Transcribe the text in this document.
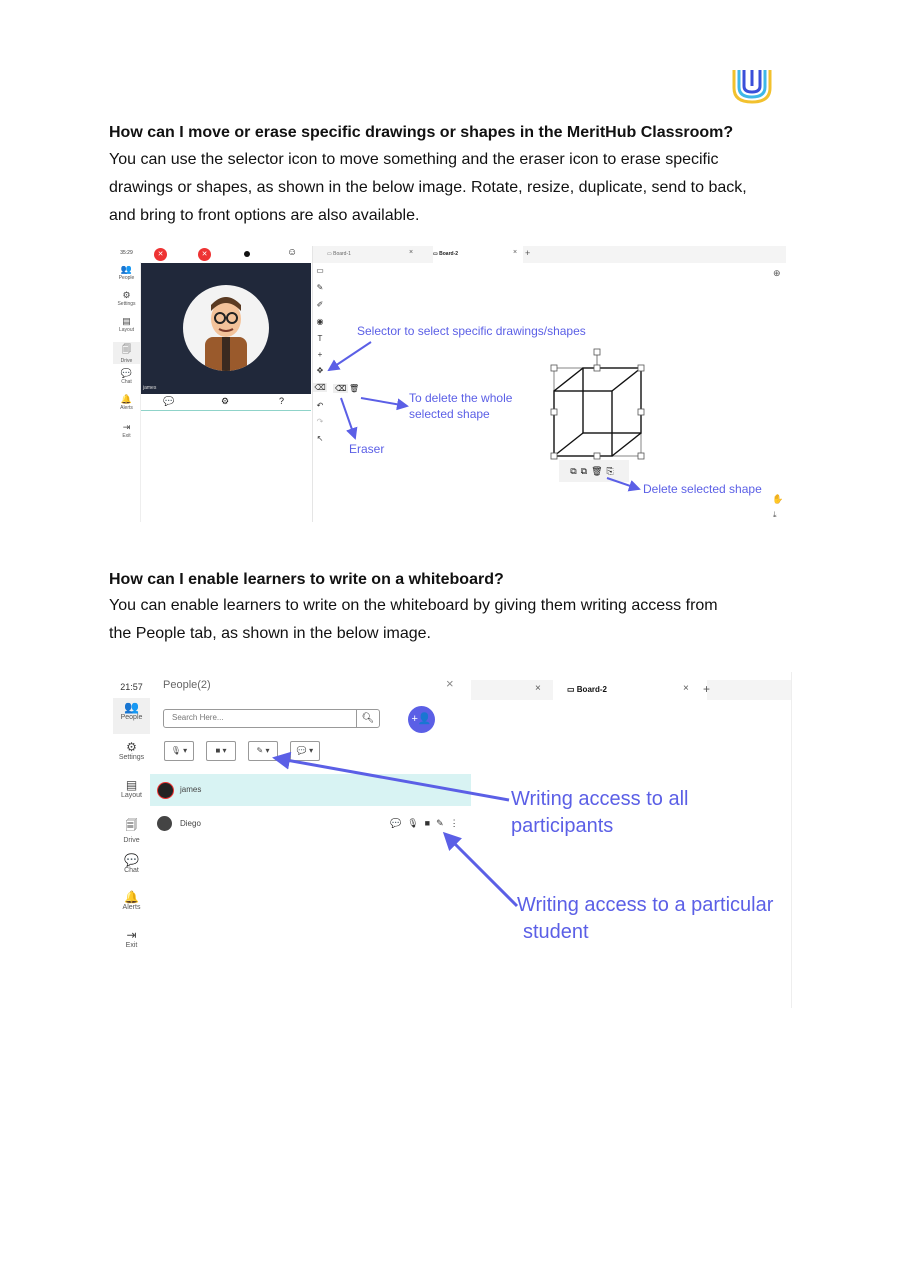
How can I move or erase specific drawings or shapes in the MeritHub Classroom?
You can use the selector icon to move something and the eraser icon to erase specific
drawings or shapes, as shown in the below image. Rotate, resize, duplicate, send to back,
and bring to front options are also available.
35:29
👥
People
⚙
Settings
▤
Layout
🗐
Drive
💬
Chat
🔔
Alerts
⇥
Exit
✕	✕	☺
james
💬	⚙	?
▭ Board-1	×	▭ Board-2	× +
⊕
▭
✎
✐
◉
T
+
✥
⌫
↶
↷
↖
⌫ 🗑
⧉⧉🗑⎘
✋
⤓
Selector to select specific drawings/shapes
To delete the whole
selected shape
Eraser
Delete selected shape
How can I enable learners to write on a whiteboard?
You can enable learners to write on the whiteboard by giving them writing access from
the People tab, as shown in the below image.
21:57
👥
People
⚙
Settings
▤
Layout
🗐
Drive
💬
Chat
🔔
Alerts
⇥
Exit
People(2)	×
Search Here...	🔍︎	+👤
🎙︎ ▾	■ ▾	✎ ▾	💬 ▾
james
Diego	💬🎙︎■✎⋮
×	▭ Board-2	× +
Writing access to all
participants
Writing access to a particular
student
